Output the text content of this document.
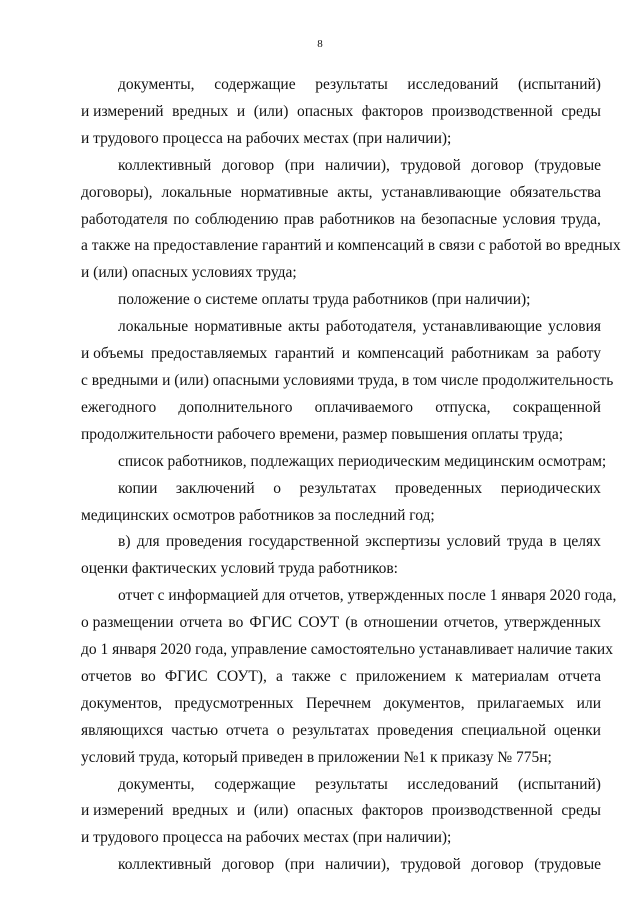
8
документы, содержащие результаты исследований (испытаний)
и измерений вредных и (или) опасных факторов производственной среды
и трудового процесса на рабочих местах (при наличии);
коллективный договор (при наличии), трудовой договор (трудовые
договоры), локальные нормативные акты, устанавливающие обязательства
работодателя по соблюдению прав работников на безопасные условия труда,
а также на предоставление гарантий и компенсаций в связи с работой во вредных
и (или) опасных условиях труда;
положение о системе оплаты труда работников (при наличии);
локальные нормативные акты работодателя, устанавливающие условия
и объемы предоставляемых гарантий и компенсаций работникам за работу
с вредными и (или) опасными условиями труда, в том числе продолжительность
ежегодного дополнительного оплачиваемого отпуска, сокращенной
продолжительности рабочего времени, размер повышения оплаты труда;
список работников, подлежащих периодическим медицинским осмотрам;
копии заключений о результатах проведенных периодических
медицинских осмотров работников за последний год;
в) для проведения государственной экспертизы условий труда в целях
оценки фактических условий труда работников:
отчет с информацией для отчетов, утвержденных после 1 января 2020 года,
о размещении отчета во ФГИС СОУТ (в отношении отчетов, утвержденных
до 1 января 2020 года, управление самостоятельно устанавливает наличие таких
отчетов во ФГИС СОУТ), а также с приложением к материалам отчета
документов, предусмотренных Перечнем документов, прилагаемых или
являющихся частью отчета о результатах проведения специальной оценки
условий труда, который приведен в приложении №1 к приказу № 775н;
документы, содержащие результаты исследований (испытаний)
и измерений вредных и (или) опасных факторов производственной среды
и трудового процесса на рабочих местах (при наличии);
коллективный договор (при наличии), трудовой договор (трудовые
